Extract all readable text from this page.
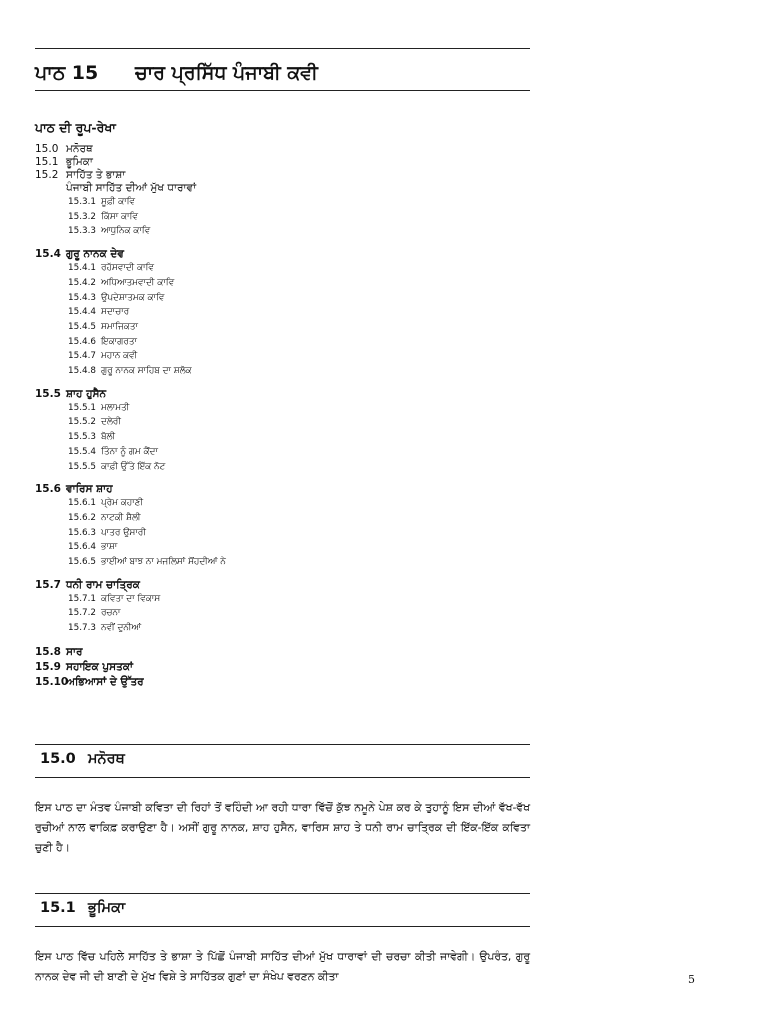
ਪਾਠ 15 ਚਾਰ ਪ੍ਰਸਿੱਧ ਪੰਜਾਬੀ ਕਵੀ
ਪਾਠ ਦੀ ਰੂਪ-ਰੇਖਾ
15.0 ਮਨੋਰਥ
15.1 ਭੂਮਿਕਾ
15.2 ਸਾਹਿੱਤ ਤੇ ਭਾਸ਼ਾ
ਪੰਜਾਬੀ ਸਾਹਿੱਤ ਦੀਆਂ ਮੁੱਖ ਧਾਰਾਵਾਂ
15.3.1 ਸੂਫ਼ੀ ਕਾਵਿ
15.3.2 ਕਿੱਸਾ ਕਾਵਿ
15.3.3 ਆਧੁਨਿਕ ਕਾਵਿ
15.4 ਗੁਰੂ ਨਾਨਕ ਦੇਵ
15.4.1 ਰਹੱਸਵਾਦੀ ਕਾਵਿ
15.4.2 ਅਧਿਆਤਮਵਾਦੀ ਕਾਵਿ
15.4.3 ਉਪਦੇਸ਼ਾਤਮਕ ਕਾਵਿ
15.4.4 ਸਦਾਚਾਰ
15.4.5 ਸਮਾਜਿਕਤਾ
15.4.6 ਇਕਾਗਰਤਾ
15.4.7 ਮਹਾਨ ਕਵੀ
15.4.8 ਗੁਰੂ ਨਾਨਕ ਸਾਹਿਬ ਦਾ ਸ਼ਲੋਕ
15.5 ਸ਼ਾਹ ਹੁਸੈਨ
15.5.1 ਮਲਾਮਤੀ
15.5.2 ਦਲੇਰੀ
15.5.3 ਬੋਲੀ
15.5.4 ਤਿੰਨਾ ਨੂੰ ਗਮ ਕੈਂਦਾ
15.5.5 ਕਾਫ਼ੀ ਉੱਤੇ ਇੱਕ ਨੋਟ
15.6 ਵਾਰਿਸ ਸ਼ਾਹ
15.6.1 ਪ੍ਰੇਮ ਕਹਾਣੀ
15.6.2 ਨਾਟਕੀ ਸ਼ੈਲੀ
15.6.3 ਪਾਤਰ ਉਸਾਰੀ
15.6.4 ਭਾਸ਼ਾ
15.6.5 ਭਾਈਆਂ ਬਾਝ ਨਾ ਮਜਲਿਸਾਂ ਸੋਂਹਦੀਆਂ ਨੇ
15.7 ਧਨੀ ਰਾਮ ਚਾਤ੍ਰਿਕ
15.7.1 ਕਵਿਤਾ ਦਾ ਵਿਕਾਸ
15.7.2 ਰਚਨਾ
15.7.3 ਨਵੀਂ ਦੁਨੀਆਂ
15.8 ਸਾਰ
15.9 ਸਹਾਇਕ ਪੁਸਤਕਾਂ
15.10ਅਭਿਆਸਾਂ ਦੇ ਉੱਤਰ
15.0 ਮਨੋਰਥ
ਇਸ ਪਾਠ ਦਾ ਮੰਤਵ ਪੰਜਾਬੀ ਕਵਿਤਾ ਦੀ ਰਿਹਾਂ ਤੋਂ ਵਹਿੰਦੀ ਆ ਰਹੀ ਧਾਰਾ ਵਿੱਚੋਂ ਕੁੱਝ ਨਮੂਨੇ ਪੇਸ਼ ਕਰ ਕੇ ਤੁਹਾਨੂੰ ਇਸ ਦੀਆਂ ਵੱਖ-ਵੱਖ ਰੁਚੀਆਂ ਨਾਲ ਵਾਕਿਫ਼ ਕਰਾਉਣਾ ਹੈ। ਅਸੀਂ ਗੁਰੂ ਨਾਨਕ, ਸ਼ਾਹ ਹੁਸੈਨ, ਵਾਰਿਸ ਸ਼ਾਹ ਤੇ ਧਨੀ ਰਾਮ ਚਾਤ੍ਰਿਕ ਦੀ ਇੱਕ-ਇੱਕ ਕਵਿਤਾ ਚੁਣੀ ਹੈ।
15.1 ਭੂਮਿਕਾ
ਇਸ ਪਾਠ ਵਿੱਚ ਪਹਿਲੇ ਸਾਹਿੱਤ ਤੇ ਭਾਸ਼ਾ ਤੇ ਪਿੱਛੋਂ ਪੰਜਾਬੀ ਸਾਹਿੱਤ ਦੀਆਂ ਮੁੱਖ ਧਾਰਾਵਾਂ ਦੀ ਚਰਚਾ ਕੀਤੀ ਜਾਵੇਗੀ। ਉਪਰੰਤ, ਗੁਰੂ ਨਾਨਕ ਦੇਵ ਜੀ ਦੀ ਬਾਣੀ ਦੇ ਮੁੱਖ ਵਿਸ਼ੇ ਤੇ ਸਾਹਿੱਤਕ ਗੁਣਾਂ ਦਾ ਸੰਖੇਪ ਵਰਣਨ ਕੀਤਾ	5
